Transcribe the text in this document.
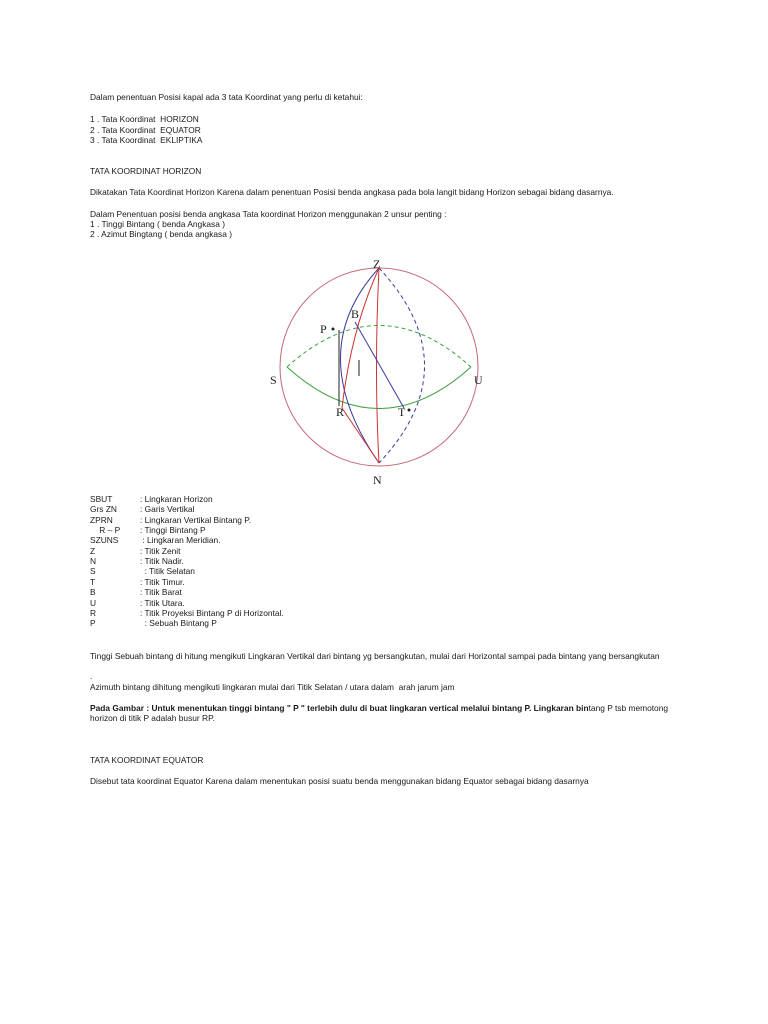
Dalam penentuan Posisi kapal ada 3 tata Koordinat yang perlu di ketahui:

1 . Tata Koordinat  HORIZON

2 . Tata Koordinat  EQUATOR

3 . Tata Koordinat  EKLIPTIKA

TATA KOORDINAT HORIZON

Dikatakan Tata Koordinat Horizon Karena dalam penentuan Posisi benda angkasa pada bola langit bidang Horizon sebagai bidang dasarnya.

Dalam Penentuan posisi benda angkasa Tata koordinat Horizon menggunakan 2 unsur penting :

1 . Tinggi Bintang ( benda Angkasa )

2 . Azimut Bingtang ( benda angkasa )

Z
N
S	U
B
P
R	T
SBUT	: Lingkaran Horizon
Grs ZN	: Garis Vertikal
ZPRN	: Lingkaran Vertikal Bintang P.
R – P : Tinggi Bintang P
SZUNS	: Lingkaran Meridian.
Z	: Titik Zenit
N	: Titik Nadir.
S	: Titik Selatan
T	: Titik Timur.
B	: Titik Barat
U	: Titik Utara.
R	: Titik Proyeksi Bintang P di Horizontal.
P	: Sebuah Bintang P

Tinggi Sebuah bintang di hitung mengikuti Lingkaran Vertikal dari bintang yg bersangkutan, mulai dari Horizontal sampai pada bintang yang bersangkutan

.

Azimuth bintang dihitung mengikuti lingkaran mulai dari Titik Selatan / utara dalam  arah jarum jam

Pada Gambar : Untuk menentukan tinggi bintang " P " terlebih dulu di buat lingkaran vertical melalui bintang P. Lingkaran bintang P tsb memotong horizon di titik P adalah busur RP.

TATA KOORDINAT EQUATOR

Disebut tata koordinat Equator Karena dalam menentukan posisi suatu benda menggunakan bidang Equator sebagai bidang dasarnya
